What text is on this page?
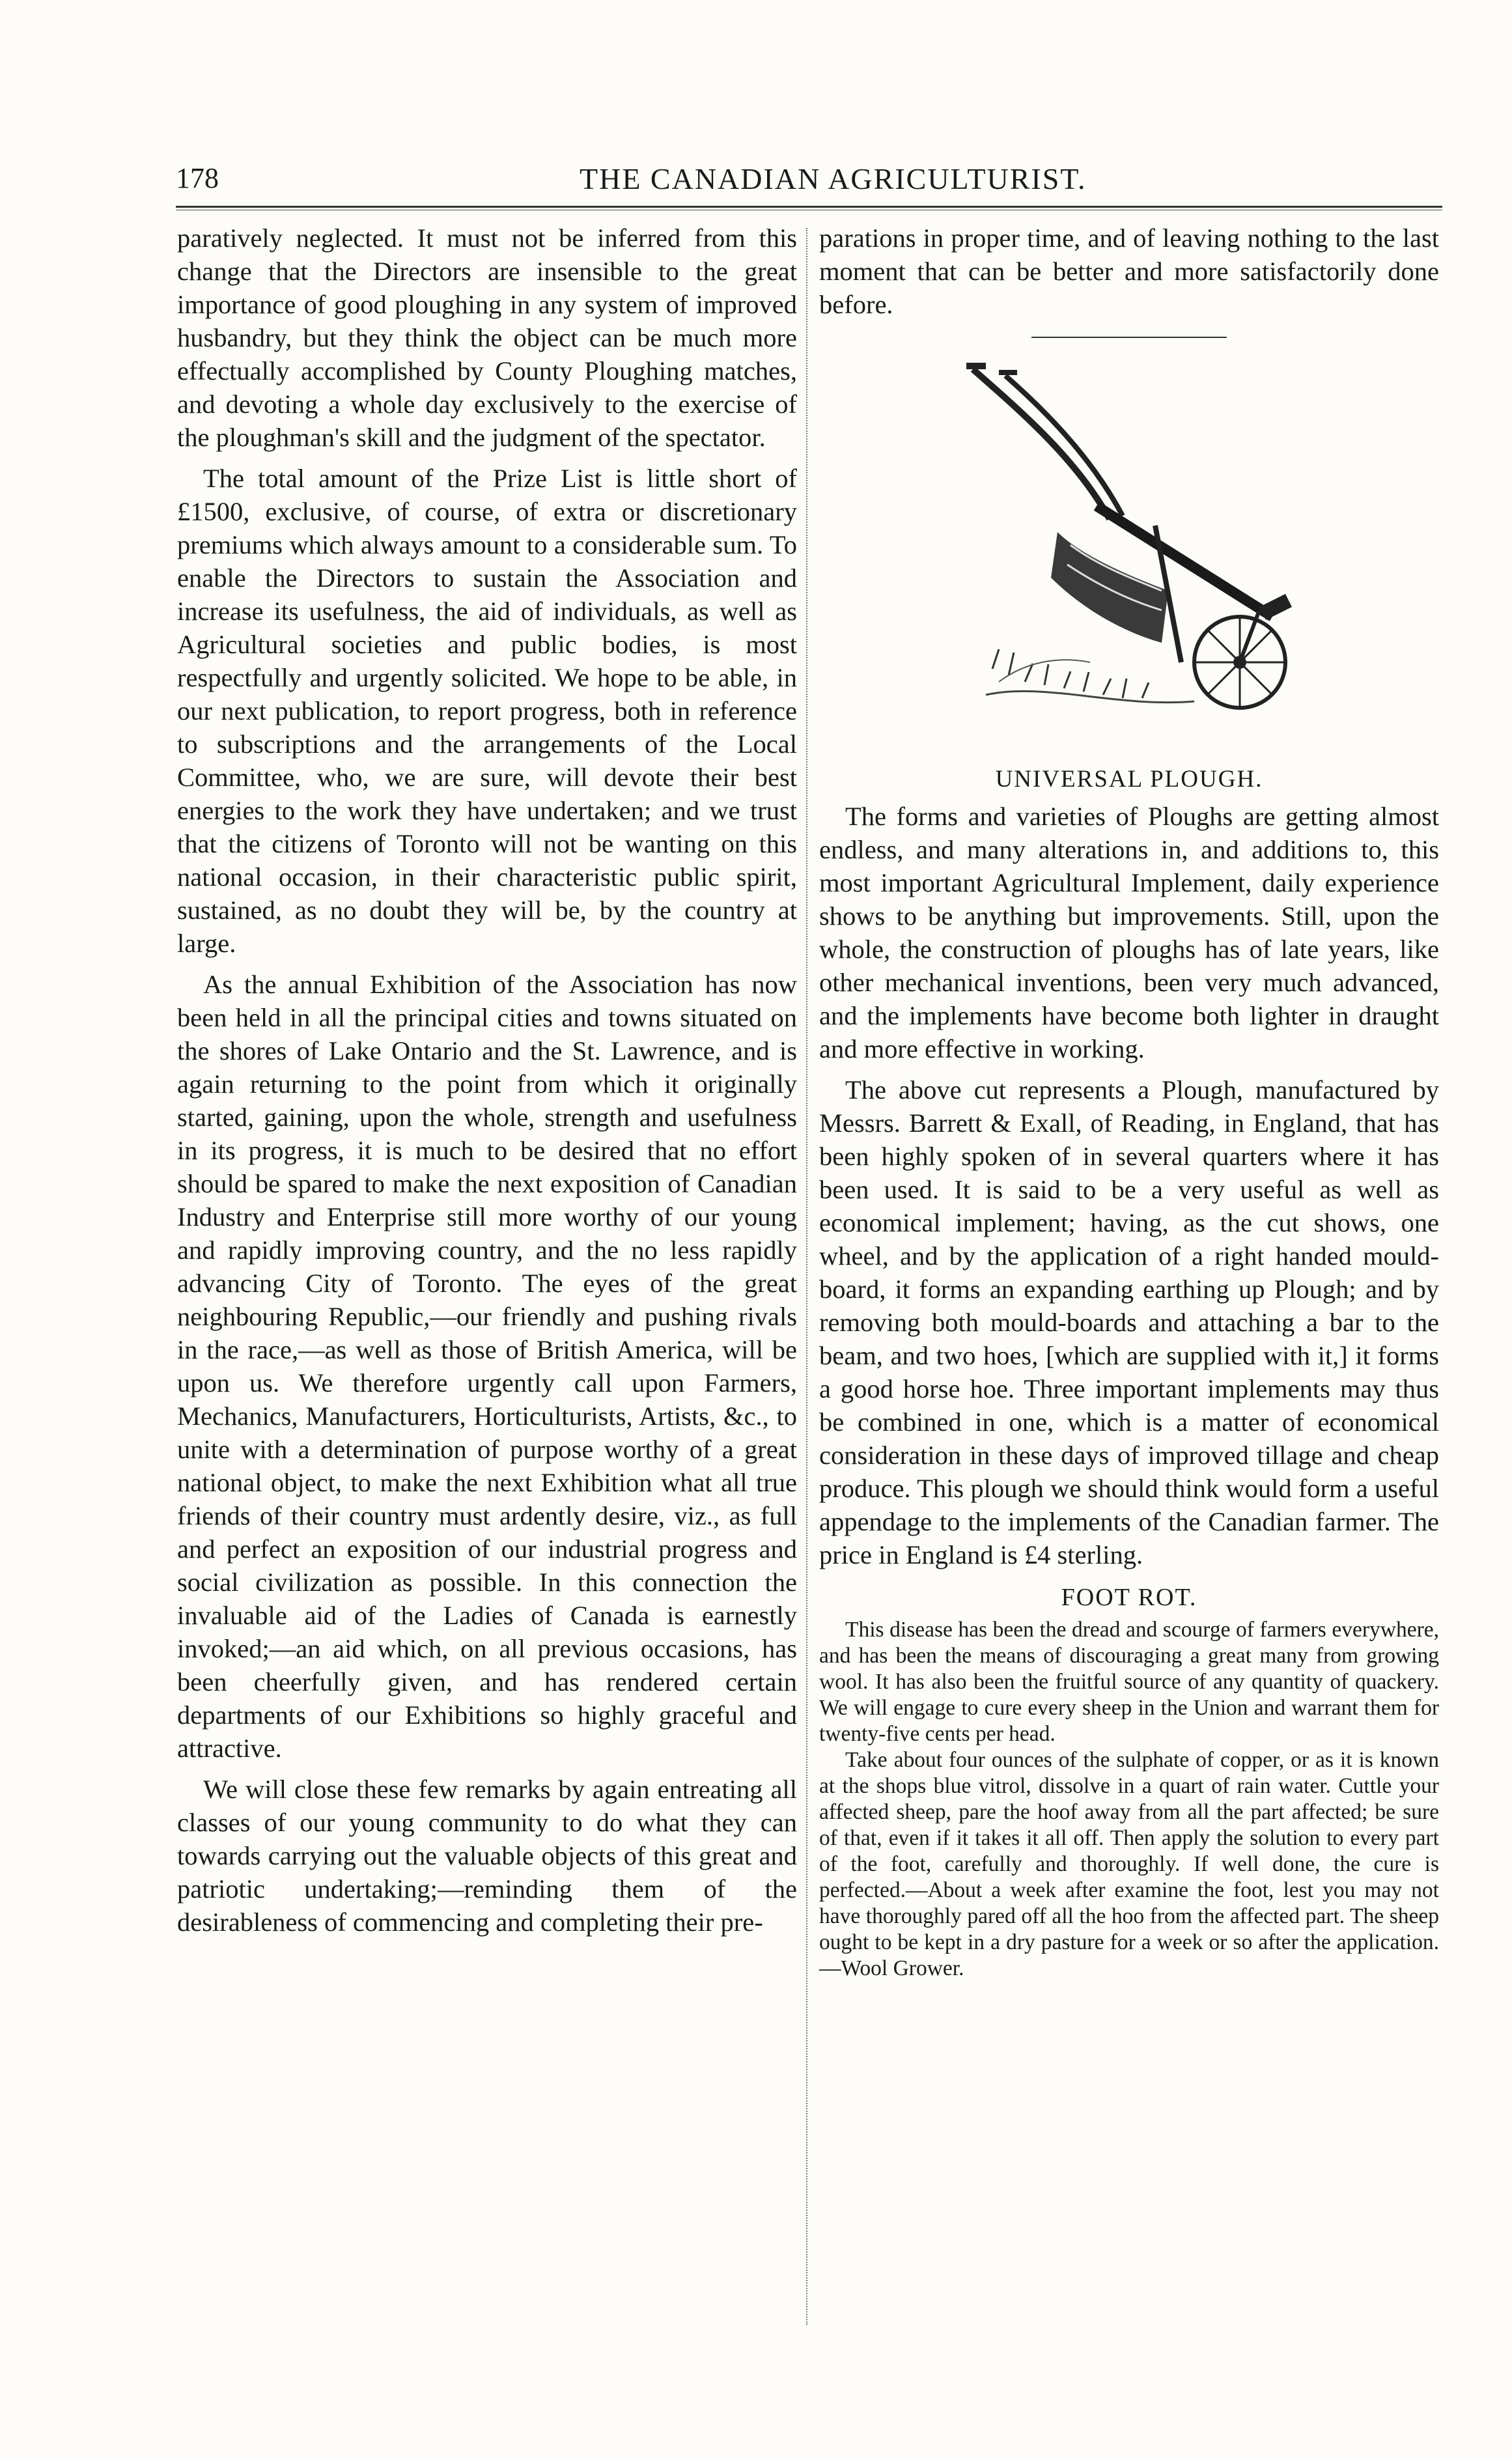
178	THE CANADIAN AGRICULTURIST.

paratively neglected. It must not be inferred from this change that the Directors are insensible to the great importance of good ploughing in any system of improved husbandry, but they think the object can be much more effectually accomplished by County Ploughing matches, and devoting a whole day exclusively to the exercise of the ploughman's skill and the judgment of the spectator.

The total amount of the Prize List is little short of £1500, exclusive, of course, of extra or discretionary premiums which always amount to a considerable sum. To enable the Directors to sustain the Association and increase its usefulness, the aid of individuals, as well as Agricultural societies and public bodies, is most respectfully and urgently solicited. We hope to be able, in our next publication, to report progress, both in reference to subscriptions and the arrangements of the Local Committee, who, we are sure, will devote their best energies to the work they have undertaken; and we trust that the citizens of Toronto will not be wanting on this national occasion, in their characteristic public spirit, sustained, as no doubt they will be, by the country at large.

As the annual Exhibition of the Association has now been held in all the principal cities and towns situated on the shores of Lake Ontario and the St. Lawrence, and is again returning to the point from which it originally started, gaining, upon the whole, strength and usefulness in its progress, it is much to be desired that no effort should be spared to make the next exposition of Canadian Industry and Enterprise still more worthy of our young and rapidly improving country, and the no less rapidly advancing City of Toronto. The eyes of the great neighbouring Republic,—our friendly and pushing rivals in the race,—as well as those of British America, will be upon us. We therefore urgently call upon Farmers, Mechanics, Manufacturers, Horticulturists, Artists, &c., to unite with a determination of purpose worthy of a great national object, to make the next Exhibition what all true friends of their country must ardently desire, viz., as full and perfect an exposition of our industrial progress and social civilization as possible. In this connection the invaluable aid of the Ladies of Canada is earnestly invoked;—an aid which, on all previous occasions, has been cheerfully given, and has rendered certain departments of our Exhibitions so highly graceful and attractive.

We will close these few remarks by again entreating all classes of our young community to do what they can towards carrying out the valuable objects of this great and patriotic undertaking;—reminding them of the desirableness of commencing and completing their pre-

parations in proper time, and of leaving nothing to the last moment that can be better and more satisfactorily done before.

UNIVERSAL PLOUGH.

The forms and varieties of Ploughs are getting almost endless, and many alterations in, and additions to, this most important Agricultural Implement, daily experience shows to be anything but improvements. Still, upon the whole, the construction of ploughs has of late years, like other mechanical inventions, been very much advanced, and the implements have become both lighter in draught and more effective in working.

The above cut represents a Plough, manufactured by Messrs. Barrett & Exall, of Reading, in England, that has been highly spoken of in several quarters where it has been used. It is said to be a very useful as well as economical implement; having, as the cut shows, one wheel, and by the application of a right handed mould-board, it forms an expanding earthing up Plough; and by removing both mould-boards and attaching a bar to the beam, and two hoes, [which are supplied with it,] it forms a good horse hoe. Three important implements may thus be combined in one, which is a matter of economical consideration in these days of improved tillage and cheap produce. This plough we should think would form a useful appendage to the implements of the Canadian farmer. The price in England is £4 sterling.

FOOT ROT.

This disease has been the dread and scourge of farmers everywhere, and has been the means of discouraging a great many from growing wool. It has also been the fruitful source of any quantity of quackery. We will engage to cure every sheep in the Union and warrant them for twenty-five cents per head.

Take about four ounces of the sulphate of copper, or as it is known at the shops blue vitrol, dissolve in a quart of rain water. Cuttle your affected sheep, pare the hoof away from all the part affected; be sure of that, even if it takes it all off. Then apply the solution to every part of the foot, carefully and thoroughly. If well done, the cure is perfected.—About a week after examine the foot, lest you may not have thoroughly pared off all the hoo from the affected part. The sheep ought to be kept in a dry pasture for a week or so after the application.—Wool Grower.
